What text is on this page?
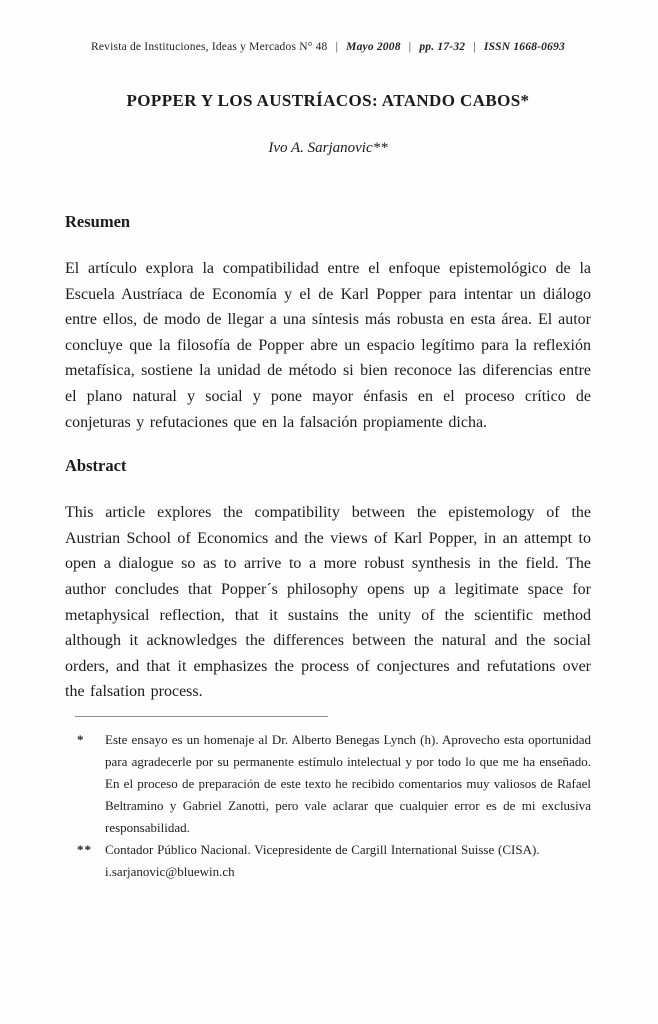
Revista de Instituciones, Ideas y Mercados N° 48 | Mayo 2008 | pp. 17-32 | ISSN 1668-0693
POPPER Y LOS AUSTRÍACOS: ATANDO CABOS*
Ivo A. Sarjanovic**
Resumen

El artículo explora la compatibilidad entre el enfoque epistemológico de la Escuela Austríaca de Economía y el de Karl Popper para intentar un diálogo entre ellos, de modo de llegar a una síntesis más robusta en esta área. El autor concluye que la filosofía de Popper abre un espacio legítimo para la reflexión metafísica, sostiene la unidad de método si bien reconoce las diferencias entre el plano natural y social y pone mayor énfasis en el proceso crítico de conjeturas y refutaciones que en la falsación propiamente dicha.

Abstract

This article explores the compatibility between the epistemology of the Austrian School of Economics and the views of Karl Popper, in an attempt to open a dialogue so as to arrive to a more robust synthesis in the field. The author concludes that Popper´s philosophy opens up a legitimate space for metaphysical reflection, that it sustains the unity of the scientific method although it acknowledges the differences between the natural and the social orders, and that it emphasizes the process of conjectures and refutations over the falsation process.

*	Este ensayo es un homenaje al Dr. Alberto Benegas Lynch (h). Aprovecho esta oportunidad para agradecerle por su permanente estímulo intelectual y por todo lo que me ha enseñado. En el proceso de preparación de este texto he recibido comentarios muy valiosos de Rafael Beltramino y Gabriel Zanotti, pero vale aclarar que cualquier error es de mi exclusiva responsabilidad.
**	Contador Público Nacional. Vicepresidente de Cargill International Suisse (CISA).
i.sarjanovic@bluewin.ch
